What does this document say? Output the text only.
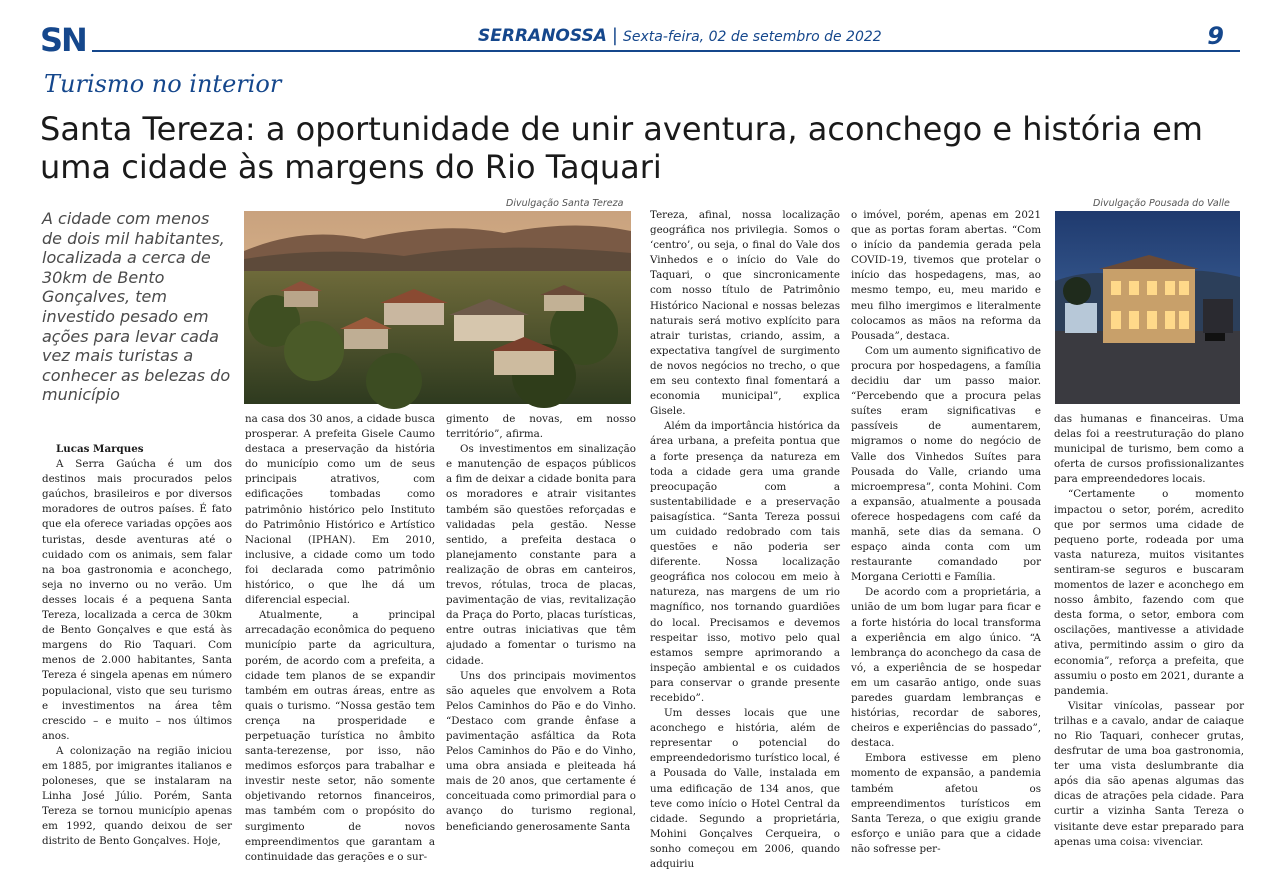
SN	SERRANOSSA | Sexta-feira, 02 de setembro de 2022	9
Turismo no interior
Santa Tereza: a oportunidade de unir aventura, aconchego e história em uma cidade às margens do Rio Taquari
A cidade com menos de dois mil habitantes, localizada a cerca de 30km de Bento Gonçalves, tem investido pesado em ações para levar cada vez mais turistas a conhecer as belezas do município
Divulgação Santa Tereza	Divulgação Pousada do Valle

Lucas Marques

A Serra Gaúcha é um dos destinos mais procurados pelos gaúchos, brasileiros e por diversos moradores de outros países. É fato que ela oferece variadas opções aos turistas, desde aventuras até o cuidado com os animais, sem falar na boa gastronomia e aconchego, seja no inverno ou no verão. Um desses locais é a pequena Santa Tereza, localizada a cerca de 30km de Bento Gonçalves e que está às margens do Rio Taquari. Com menos de 2.000 habitantes, Santa Tereza é singela apenas em número populacional, visto que seu turismo e investimentos na área têm crescido – e muito – nos últimos anos.

A colonização na região iniciou em 1885, por imigrantes italianos e poloneses, que se instalaram na Linha José Júlio. Porém, Santa Tereza se tornou município apenas em 1992, quando deixou de ser distrito de Bento Gonçalves. Hoje,

na casa dos 30 anos, a cidade busca prosperar. A prefeita Gisele Caumo destaca a preservação da história do município como um de seus principais atrativos, com edificações tombadas como patrimônio histórico pelo Instituto do Patrimônio Histórico e Artístico Nacional (IPHAN). Em 2010, inclusive, a cidade como um todo foi declarada como patrimônio histórico, o que lhe dá um diferencial especial.

Atualmente, a principal arrecadação econômica do pequeno município parte da agricultura, porém, de acordo com a prefeita, a cidade tem planos de se expandir também em outras áreas, entre as quais o turismo. “Nossa gestão tem crença na prosperidade e perpetuação turística no âmbito santa-terezense, por isso, não medimos esforços para trabalhar e investir neste setor, não somente objetivando retornos financeiros, mas também com o propósito do surgimento de novos empreendimentos que garantam a continuidade das gerações e o sur-

gimento de novas, em nosso território”, afirma.

Os investimentos em sinalização e manutenção de espaços públicos a fim de deixar a cidade bonita para os moradores e atrair visitantes também são questões reforçadas e validadas pela gestão. Nesse sentido, a prefeita destaca o planejamento constante para a realização de obras em canteiros, trevos, rótulas, troca de placas, pavimentação de vias, revitalização da Praça do Porto, placas turísticas, entre outras iniciativas que têm ajudado a fomentar o turismo na cidade.

Uns dos principais movimentos são aqueles que envolvem a Rota Pelos Caminhos do Pão e do Vinho. “Destaco com grande ênfase a pavimentação asfáltica da Rota Pelos Caminhos do Pão e do Vinho, uma obra ansiada e pleiteada há mais de 20 anos, que certamente é conceituada como primordial para o avanço do turismo regional, beneficiando generosamente Santa

Tereza, afinal, nossa localização geográfica nos privilegia. Somos o ‘centro’, ou seja, o final do Vale dos Vinhedos e o início do Vale do Taquari, o que sincronicamente com nosso título de Patrimônio Histórico Nacional e nossas belezas naturais será motivo explícito para atrair turistas, criando, assim, a expectativa tangível de surgimento de novos negócios no trecho, o que em seu contexto final fomentará a economia municipal”, explica Gisele.

Além da importância histórica da área urbana, a prefeita pontua que a forte presença da natureza em toda a cidade gera uma grande preocupação com a sustentabilidade e a preservação paisagística. “Santa Tereza possui um cuidado redobrado com tais questões e não poderia ser diferente. Nossa localização geográfica nos colocou em meio à natureza, nas margens de um rio magnífico, nos tornando guardiões do local. Precisamos e devemos respeitar isso, motivo pelo qual estamos sempre aprimorando a inspeção ambiental e os cuidados para conservar o grande presente recebido”.

Um desses locais que une aconchego e história, além de representar o potencial do empreendedorismo turístico local, é a Pousada do Valle, instalada em uma edificação de 134 anos, que teve como início o Hotel Central da cidade. Segundo a proprietária, Mohini Gonçalves Cerqueira, o sonho começou em 2006, quando adquiriu

o imóvel, porém, apenas em 2021 que as portas foram abertas. “Com o início da pandemia gerada pela COVID-19, tivemos que protelar o início das hospedagens, mas, ao mesmo tempo, eu, meu marido e meu filho imergimos e literalmente colocamos as mãos na reforma da Pousada”, destaca.

Com um aumento significativo de procura por hospedagens, a família decidiu dar um passo maior. “Percebendo que a procura pelas suítes eram significativas e passíveis de aumentarem, migramos o nome do negócio de Valle dos Vinhedos Suítes para Pousada do Valle, criando uma microempresa”, conta Mohini. Com a expansão, atualmente a pousada oferece hospedagens com café da manhã, sete dias da semana. O espaço ainda conta com um restaurante comandado por Morgana Ceriotti e Família.

De acordo com a proprietária, a união de um bom lugar para ficar e a forte história do local transforma a experiência em algo único. “A lembrança do aconchego da casa de vó, a experiência de se hospedar em um casarão antigo, onde suas paredes guardam lembranças e histórias, recordar de sabores, cheiros e experiências do passado”, destaca.

Embora estivesse em pleno momento de expansão, a pandemia também afetou os empreendimentos turísticos em Santa Tereza, o que exigiu grande esforço e união para que a cidade não sofresse per-

das humanas e financeiras. Uma delas foi a reestruturação do plano municipal de turismo, bem como a oferta de cursos profissionalizantes para empreendedores locais.

“Certamente o momento impactou o setor, porém, acredito que por sermos uma cidade de pequeno porte, rodeada por uma vasta natureza, muitos visitantes sentiram-se seguros e buscaram momentos de lazer e aconchego em nosso âmbito, fazendo com que desta forma, o setor, embora com oscilações, mantivesse a atividade ativa, permitindo assim o giro da economia”, reforça a prefeita, que assumiu o posto em 2021, durante a pandemia.

Visitar vinícolas, passear por trilhas e a cavalo, andar de caiaque no Rio Taquari, conhecer grutas, desfrutar de uma boa gastronomia, ter uma vista deslumbrante dia após dia são apenas algumas das dicas de atrações pela cidade. Para curtir a vizinha Santa Tereza o visitante deve estar preparado para apenas uma coisa: vivenciar.
